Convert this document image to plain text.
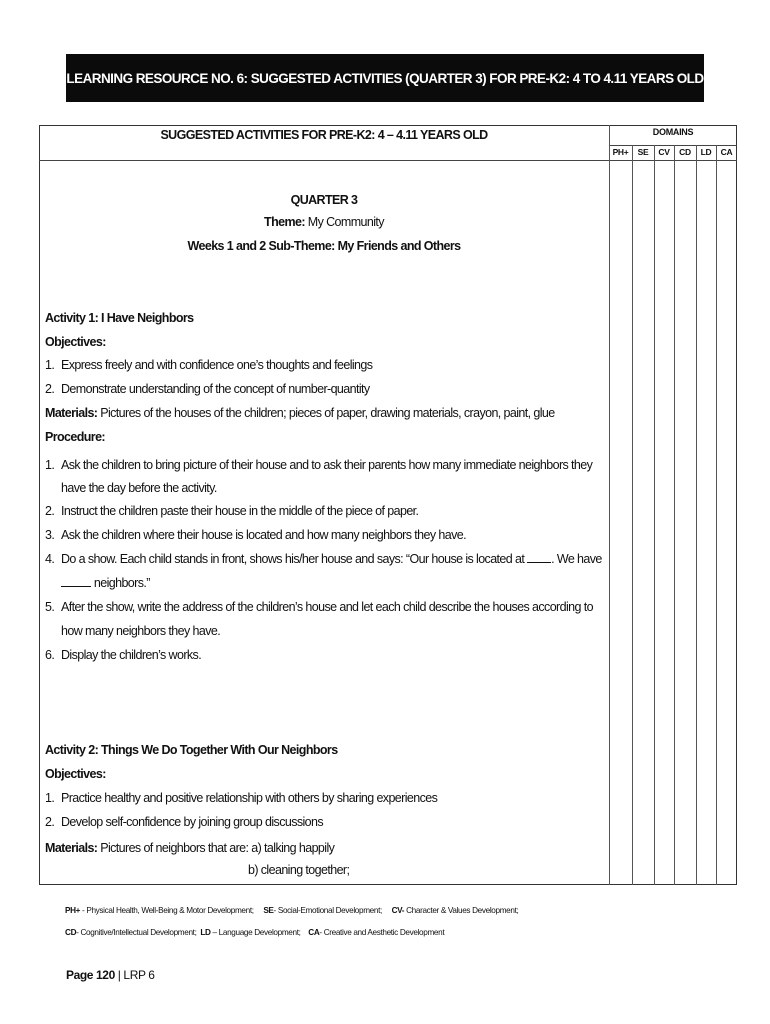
LEARNING RESOURCE NO. 6: SUGGESTED ACTIVITIES (QUARTER 3) FOR PRE-K2: 4 TO 4.11 YEARS OLD
SUGGESTED ACTIVITIES FOR PRE-K2: 4 – 4.11 YEARS OLD	DOMAINS
PH+	SE	CV	CD	LD	CA
QUARTER 3
Theme: My Community
Weeks 1 and 2 Sub-Theme: My Friends and Others
Activity 1: I Have Neighbors
Objectives:
1. Express freely and with confidence one’s thoughts and feelings
2. Demonstrate understanding of the concept of number-quantity
Materials: Pictures of the houses of the children; pieces of paper, drawing materials, crayon, paint, glue
Procedure:
1. Ask the children to bring picture of their house and to ask their parents how many immediate neighbors they
have the day before the activity.
2. Instruct the children paste their house in the middle of the piece of paper.
3. Ask the children where their house is located and how many neighbors they have.
4. Do a show. Each child stands in front, shows his/her house and says: “Our house is located at . We have
neighbors.”
5. After the show, write the address of the children’s house and let each child describe the houses according to
how many neighbors they have.
6. Display the children’s works.
Activity 2: Things We Do Together With Our Neighbors
Objectives:
1. Practice healthy and positive relationship with others by sharing experiences
2. Develop self-confidence by joining group discussions
Materials: Pictures of neighbors that are: a) talking happily
b) cleaning together;
PH+ - Physical Health, Well-Being & Motor Development; SE- Social-Emotional Development; CV- Character & Values Development;
CD- Cognitive/Intellectual Development; LD – Language Development; CA- Creative and Aesthetic Development
Page 120 | LRP 6
